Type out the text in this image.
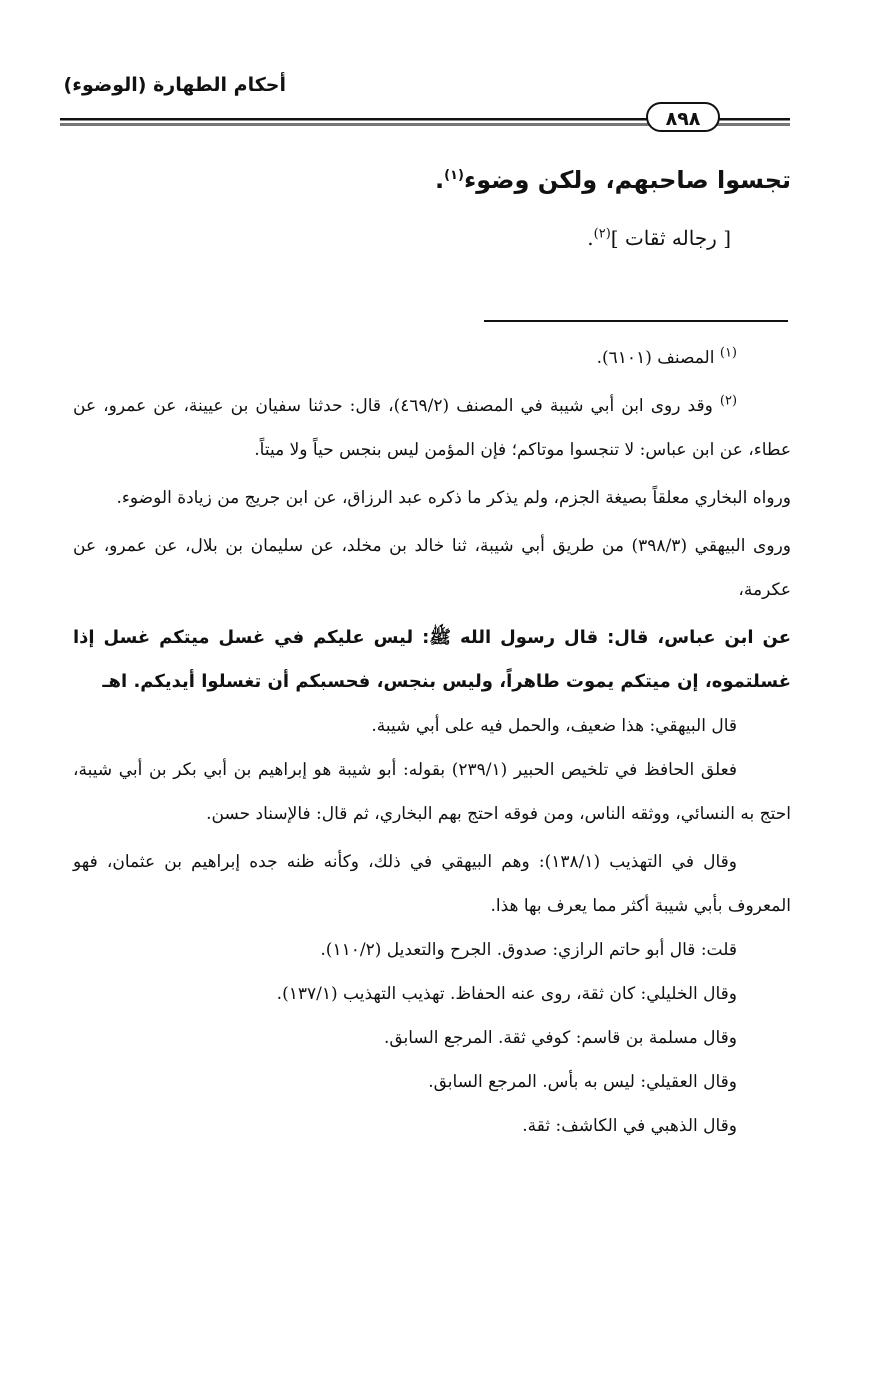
أحكام الطهارة (الوضوء)
٨٩٨
تجسوا صاحبهم، ولكن وضوء$^{(١)}$.
[ رجاله ثقات ]$^{(٢)}$.

$^{(١)}$ المصنف (٦١٠١).

$^{(٢)}$ وقد روى ابن أبي شيبة في المصنف (٤٦٩/٢)، قال: حدثنا سفيان بن عيينة، عن عمرو، عن عطاء، عن ابن عباس: لا تنجسوا موتاكم؛ فإن المؤمن ليس بنجس حياً ولا ميتاً.

ورواه البخاري معلقاً بصيغة الجزم، ولم يذكر ما ذكره عبد الرزاق، عن ابن جريج من زيادة الوضوء.

وروى البيهقي (٣٩٨/٣) من طريق أبي شيبة، ثنا خالد بن مخلد، عن سليمان بن بلال، عن عمرو، عن عكرمة،

عن ابن عباس، قال: قال رسول الله ﷺ: ليس عليكم في غسل ميتكم غسل إذا غسلتموه، إن ميتكم يموت طاهراً، وليس بنجس، فحسبكم أن تغسلوا أيديكم. اهـ

قال البيهقي: هذا ضعيف، والحمل فيه على أبي شيبة.

فعلق الحافظ في تلخيص الحبير (٢٣٩/١) بقوله: أبو شيبة هو إبراهيم بن أبي بكر بن أبي شيبة، احتج به النسائي، ووثقه الناس، ومن فوقه احتج بهم البخاري، ثم قال: فالإسناد حسن.

وقال في التهذيب (١٣٨/١): وهم البيهقي في ذلك، وكأنه ظنه جده إبراهيم بن عثمان، فهو المعروف بأبي شيبة أكثر مما يعرف بها هذا.

قلت: قال أبو حاتم الرازي: صدوق. الجرح والتعديل (١١٠/٢).

وقال الخليلي: كان ثقة، روى عنه الحفاظ. تهذيب التهذيب (١٣٧/١).

وقال مسلمة بن قاسم: كوفي ثقة. المرجع السابق.

وقال العقيلي: ليس به بأس. المرجع السابق.

وقال الذهبي في الكاشف: ثقة.
